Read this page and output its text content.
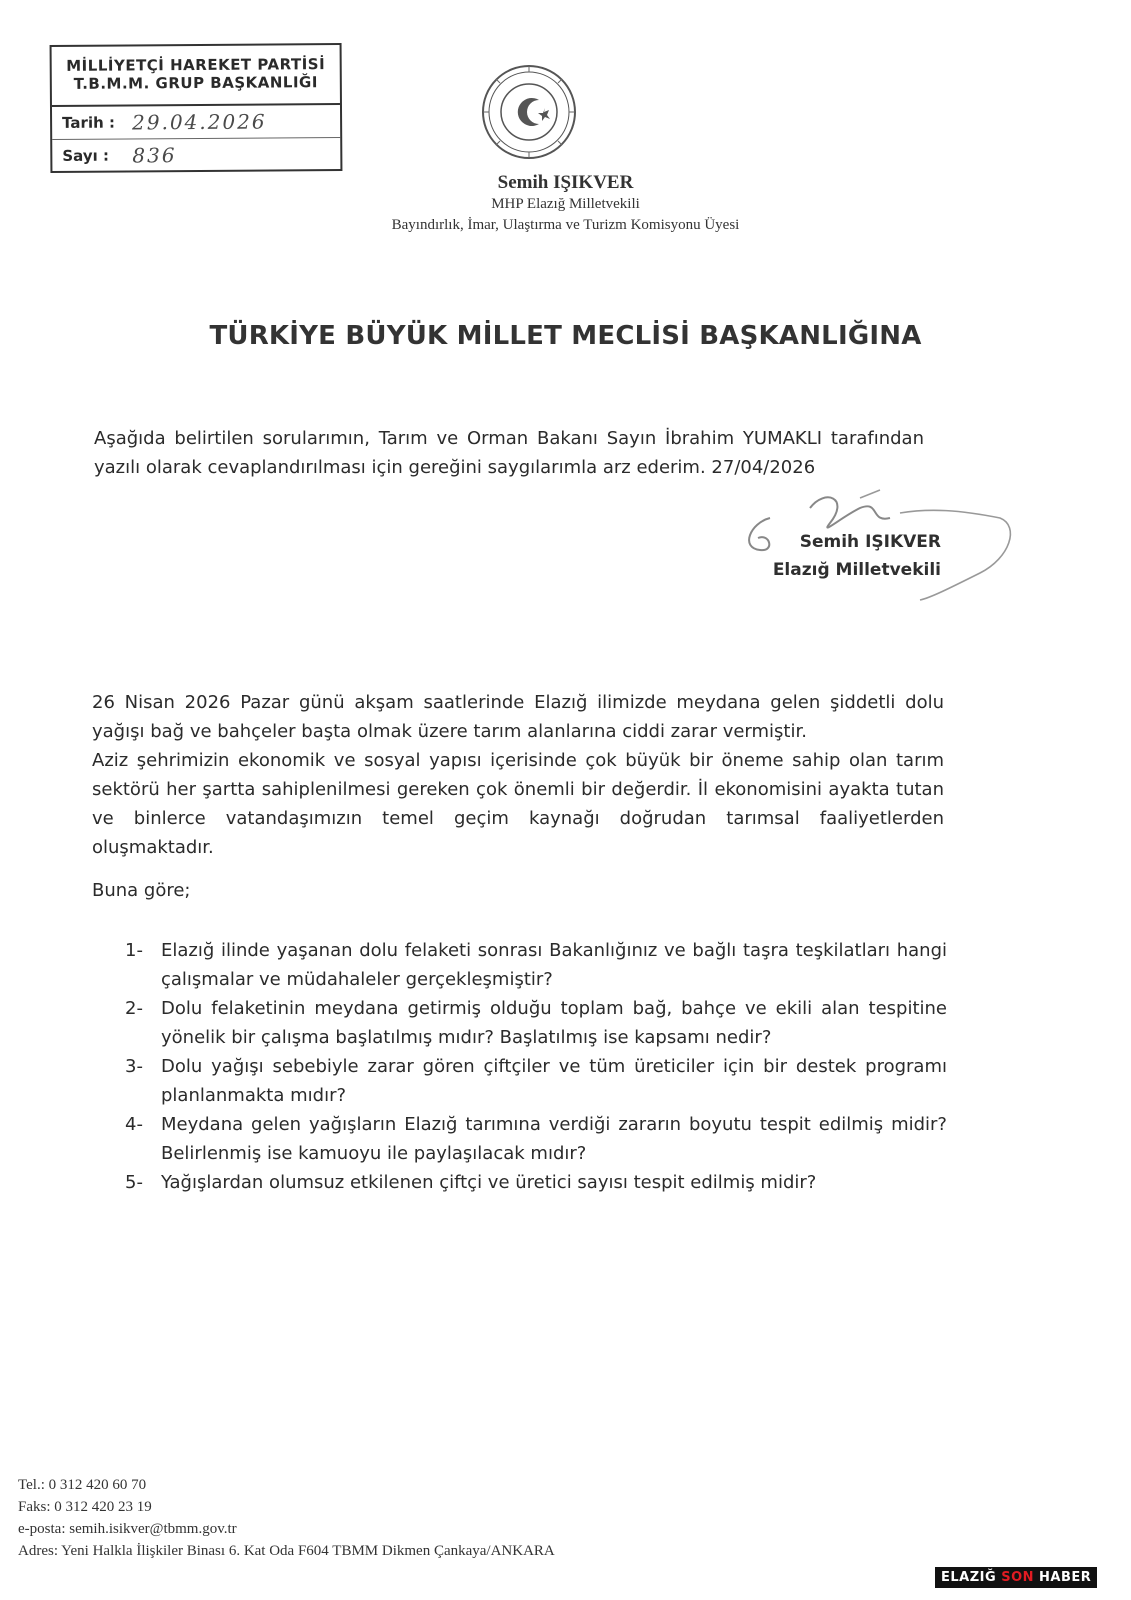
MİLLİYETÇİ HAREKET PARTİSİ
T.B.M.M. GRUP BAŞKANLIĞI
Tarih : 29.04.2026
Sayı : 836
Semih IŞIKVER
MHP Elazığ Milletvekili
Bayındırlık, İmar, Ulaştırma ve Turizm Komisyonu Üyesi
TÜRKİYE BÜYÜK MİLLET MECLİSİ BAŞKANLIĞINA
Aşağıda belirtilen sorularımın, Tarım ve Orman Bakanı Sayın İbrahim YUMAKLI tarafından yazılı olarak cevaplandırılması için gereğini saygılarımla arz ederim. 27/04/2026
Semih IŞIKVER
Elazığ Milletvekili
26 Nisan 2026 Pazar günü akşam saatlerinde Elazığ ilimizde meydana gelen şiddetli dolu yağışı bağ ve bahçeler başta olmak üzere tarım alanlarına ciddi zarar vermiştir.
Aziz şehrimizin ekonomik ve sosyal yapısı içerisinde çok büyük bir öneme sahip olan tarım sektörü her şartta sahiplenilmesi gereken çok önemli bir değerdir. İl ekonomisini ayakta tutan ve binlerce vatandaşımızın temel geçim kaynağı doğrudan tarımsal faaliyetlerden oluşmaktadır.
Buna göre;
1-	Elazığ ilinde yaşanan dolu felaketi sonrası Bakanlığınız ve bağlı taşra teşkilatları hangi çalışmalar ve müdahaleler gerçekleşmiştir?
2-	Dolu felaketinin meydana getirmiş olduğu toplam bağ, bahçe ve ekili alan tespitine yönelik bir çalışma başlatılmış mıdır? Başlatılmış ise kapsamı nedir?
3-	Dolu yağışı sebebiyle zarar gören çiftçiler ve tüm üreticiler için bir destek programı planlanmakta mıdır?
4-	Meydana gelen yağışların Elazığ tarımına verdiği zararın boyutu tespit edilmiş midir? Belirlenmiş ise kamuoyu ile paylaşılacak mıdır?
5-	Yağışlardan olumsuz etkilenen çiftçi ve üretici sayısı tespit edilmiş midir?
Tel.: 0 312 420 60 70
Faks: 0 312 420 23 19
e-posta: semih.isikver@tbmm.gov.tr
Adres: Yeni Halkla İlişkiler Binası 6. Kat Oda F604 TBMM Dikmen Çankaya/ANKARA
ELAZIĞ SON HABER
